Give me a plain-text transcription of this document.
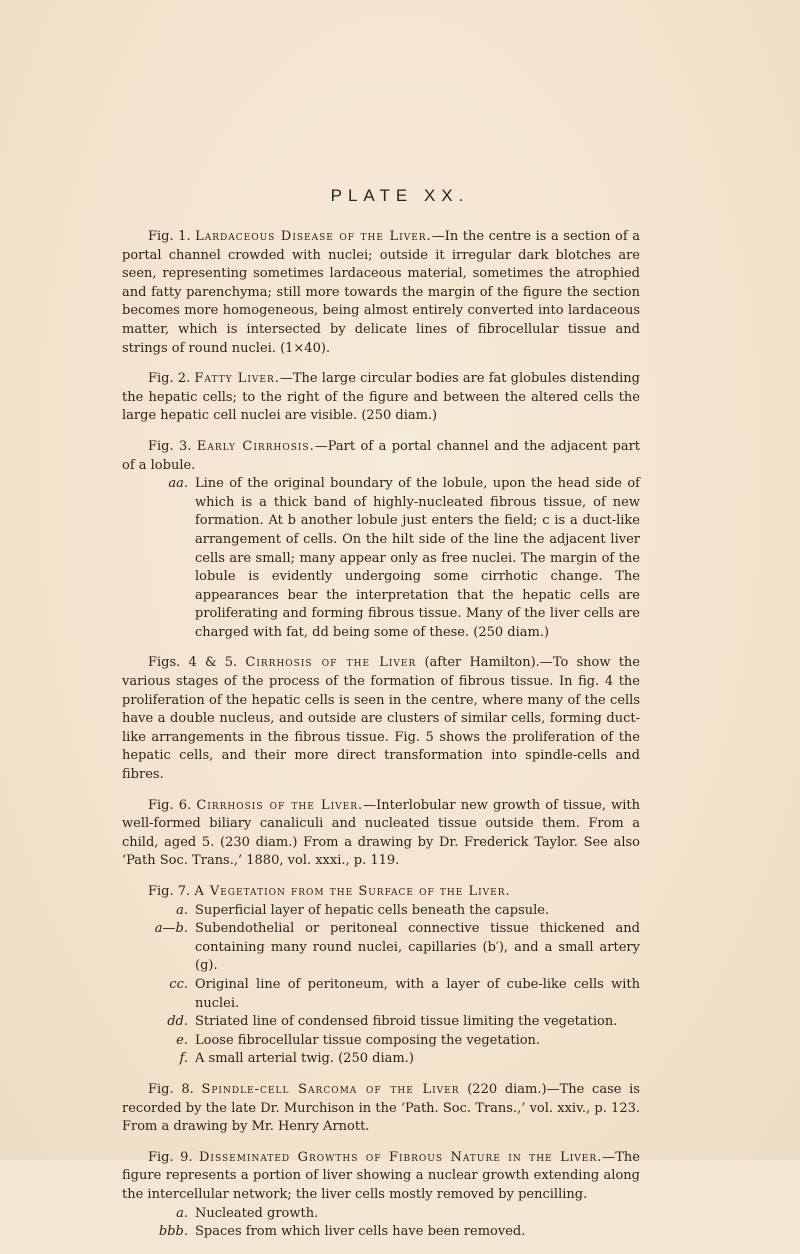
PLATE XX.

Fig. 1. Lardaceous Disease of the Liver.—In the centre is a section of a portal channel crowded with nuclei; outside it irregular dark blotches are seen, representing sometimes lardaceous material, sometimes the atrophied and fatty parenchyma; still more towards the margin of the figure the section becomes more homogeneous, being almost entirely converted into lardaceous matter, which is intersected by delicate lines of fibrocellular tissue and strings of round nuclei. (1×40).

Fig. 2. Fatty Liver.—The large circular bodies are fat globules distending the hepatic cells; to the right of the figure and between the altered cells the large hepatic cell nuclei are visible. (250 diam.)

Fig. 3. Early Cirrhosis.—Part of a portal channel and the adjacent part of a lobule.

aa. Line of the original boundary of the lobule, upon the head side of which is a thick band of highly-nucleated fibrous tissue, of new formation. At b another lobule just enters the field; c is a duct-like arrangement of cells. On the hilt side of the line the adjacent liver cells are small; many appear only as free nuclei. The margin of the lobule is evidently undergoing some cirrhotic change. The appearances bear the interpretation that the hepatic cells are proliferating and forming fibrous tissue. Many of the liver cells are charged with fat, dd being some of these. (250 diam.)

Figs. 4 & 5. Cirrhosis of the Liver (after Hamilton).—To show the various stages of the process of the formation of fibrous tissue. In fig. 4 the proliferation of the hepatic cells is seen in the centre, where many of the cells have a double nucleus, and outside are clusters of similar cells, forming duct-like arrangements in the fibrous tissue. Fig. 5 shows the proliferation of the hepatic cells, and their more direct transformation into spindle-cells and fibres.

Fig. 6. Cirrhosis of the Liver.—Interlobular new growth of tissue, with well-formed biliary canaliculi and nucleated tissue outside them. From a child, aged 5. (230 diam.) From a drawing by Dr. Frederick Taylor. See also ‘Path Soc. Trans.,’ 1880, vol. xxxi., p. 119.

Fig. 7. A Vegetation from the Surface of the Liver.

a. Superficial layer of hepatic cells beneath the capsule.
a—b. Subendothelial or peritoneal connective tissue thickened and containing many round nuclei, capillaries (b′), and a small artery (g).
cc. Original line of peritoneum, with a layer of cube-like cells with nuclei.
dd. Striated line of condensed fibroid tissue limiting the vegetation.
e. Loose fibrocellular tissue composing the vegetation.
f. A small arterial twig. (250 diam.)

Fig. 8. Spindle-cell Sarcoma of the Liver (220 diam.)—The case is recorded by the late Dr. Murchison in the ‘Path. Soc. Trans.,’ vol. xxiv., p. 123. From a drawing by Mr. Henry Arnott.

Fig. 9. Disseminated Growths of Fibrous Nature in the Liver.—The figure represents a portion of liver showing a nuclear growth extending along the intercellular network; the liver cells mostly removed by pencilling.

a. Nucleated growth.
bbb. Spaces from which liver cells have been removed.
